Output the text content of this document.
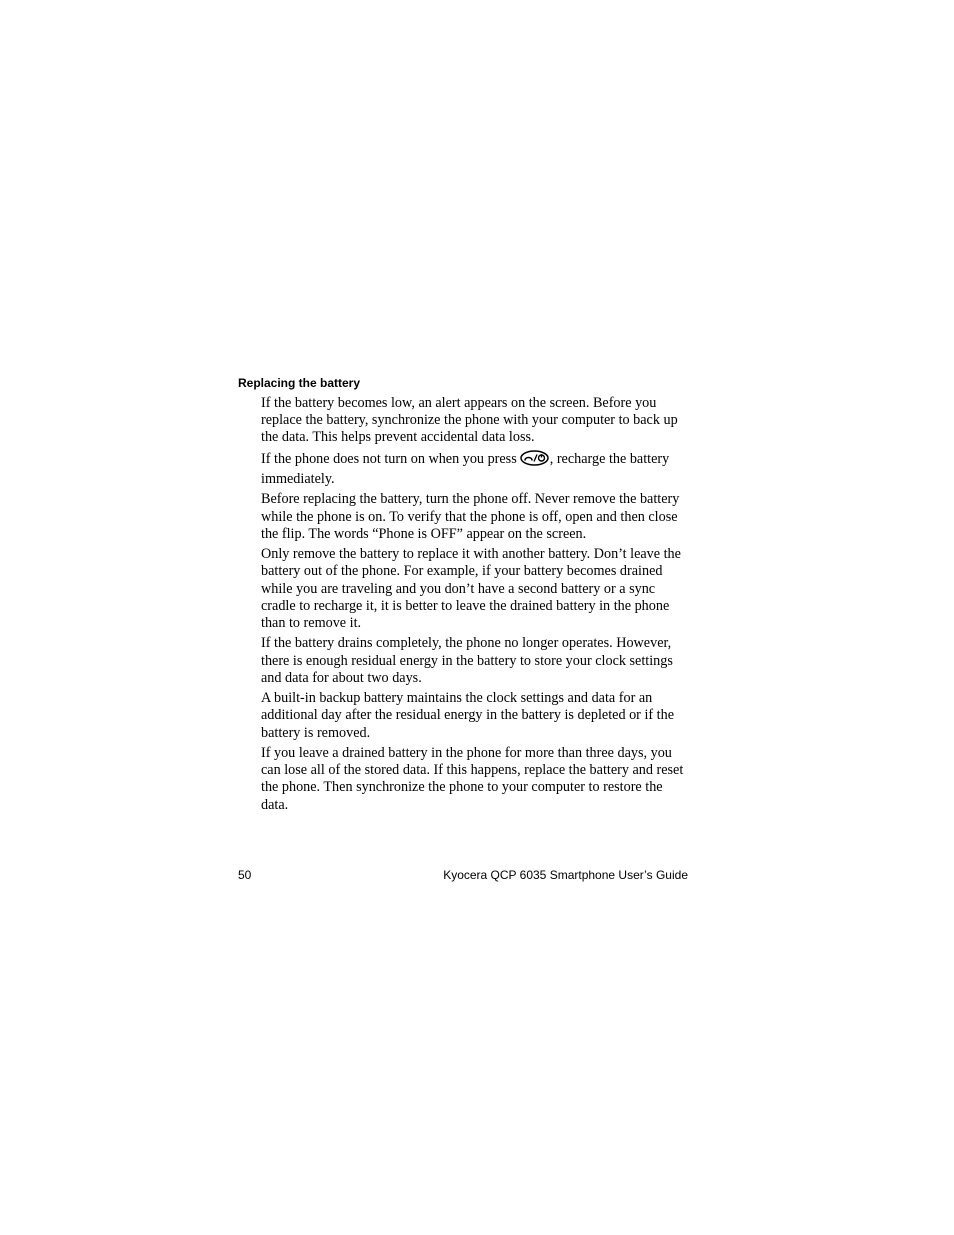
Replacing the battery

If the battery becomes low, an alert appears on the screen. Before you replace the battery, synchronize the phone with your computer to back up the data. This helps prevent accidental data loss.

If the phone does not turn on when you press , recharge the battery immediately.

Before replacing the battery, turn the phone off. Never remove the battery while the phone is on. To verify that the phone is off, open and then close the flip. The words “Phone is OFF” appear on the screen.

Only remove the battery to replace it with another battery. Don’t leave the battery out of the phone. For example, if your battery becomes drained while you are traveling and you don’t have a second battery or a sync cradle to recharge it, it is better to leave the drained battery in the phone than to remove it.

If the battery drains completely, the phone no longer operates. However, there is enough residual energy in the battery to store your clock settings and data for about two days.

A built-in backup battery maintains the clock settings and data for an additional day after the residual energy in the battery is depleted or if the battery is removed.

If you leave a drained battery in the phone for more than three days, you can lose all of the stored data. If this happens, replace the battery and reset the phone. Then synchronize the phone to your computer to restore the data.

50	Kyocera QCP 6035 Smartphone User’s Guide
